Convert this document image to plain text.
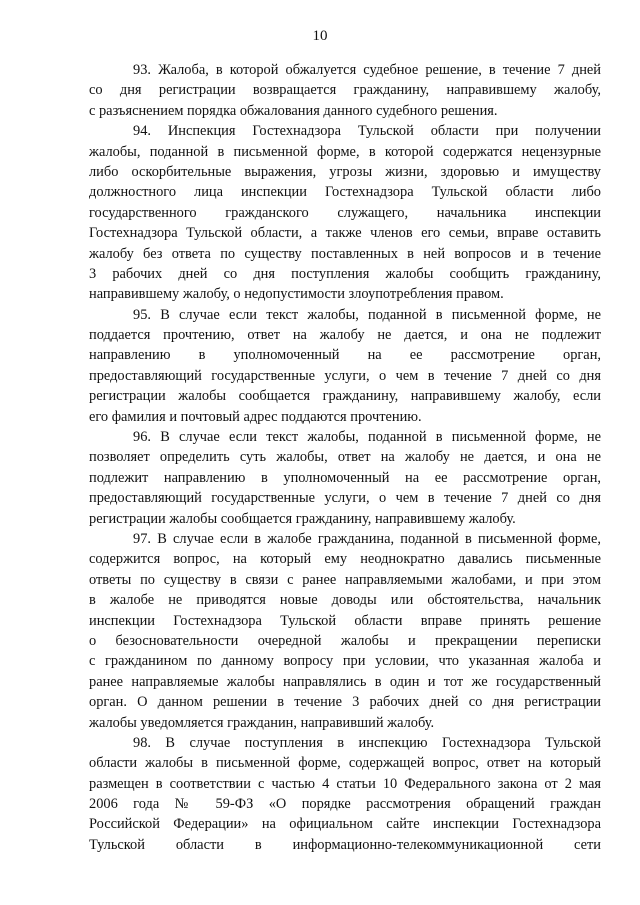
10
93. Жалоба, в которой обжалуется судебное решение, в течение 7 дней
со дня регистрации возвращается гражданину, направившему жалобу,
с разъяснением порядка обжалования данного судебного решения.
94. Инспекция Гостехнадзора Тульской области при получении
жалобы, поданной в письменной форме, в которой содержатся нецензурные
либо оскорбительные выражения, угрозы жизни, здоровью и имуществу
должностного лица инспекции Гостехнадзора Тульской области либо
государственного гражданского служащего, начальника инспекции
Гостехнадзора Тульской области, а также членов его семьи, вправе оставить
жалобу без ответа по существу поставленных в ней вопросов и в течение
3 рабочих дней со дня поступления жалобы сообщить гражданину,
направившему жалобу, о недопустимости злоупотребления правом.
95. В случае если текст жалобы, поданной в письменной форме, не
поддается прочтению, ответ на жалобу не дается, и она не подлежит
направлению в уполномоченный на ее рассмотрение орган,
предоставляющий государственные услуги, о чем в течение 7 дней со дня
регистрации жалобы сообщается гражданину, направившему жалобу, если
его фамилия и почтовый адрес поддаются прочтению.
96. В случае если текст жалобы, поданной в письменной форме, не
позволяет определить суть жалобы, ответ на жалобу не дается, и она не
подлежит направлению в уполномоченный на ее рассмотрение орган,
предоставляющий государственные услуги, о чем в течение 7 дней со дня
регистрации жалобы сообщается гражданину, направившему жалобу.
97. В случае если в жалобе гражданина, поданной в письменной форме,
содержится вопрос, на который ему неоднократно давались письменные
ответы по существу в связи с ранее направляемыми жалобами, и при этом
в жалобе не приводятся новые доводы или обстоятельства, начальник
инспекции Гостехнадзора Тульской области вправе принять решение
о безосновательности очередной жалобы и прекращении переписки
с гражданином по данному вопросу при условии, что указанная жалоба и
ранее направляемые жалобы направлялись в один и тот же государственный
орган. О данном решении в течение 3 рабочих дней со дня регистрации
жалобы уведомляется гражданин, направивший жалобу.
98. В случае поступления в инспекцию Гостехнадзора Тульской
области жалобы в письменной форме, содержащей вопрос, ответ на который
размещен в соответствии с частью 4 статьи 10 Федерального закона от 2 мая
2006 года № 59-ФЗ «О порядке рассмотрения обращений граждан
Российской Федерации» на официальном сайте инспекции Гостехнадзора
Тульской области в информационно-телекоммуникационной сети
